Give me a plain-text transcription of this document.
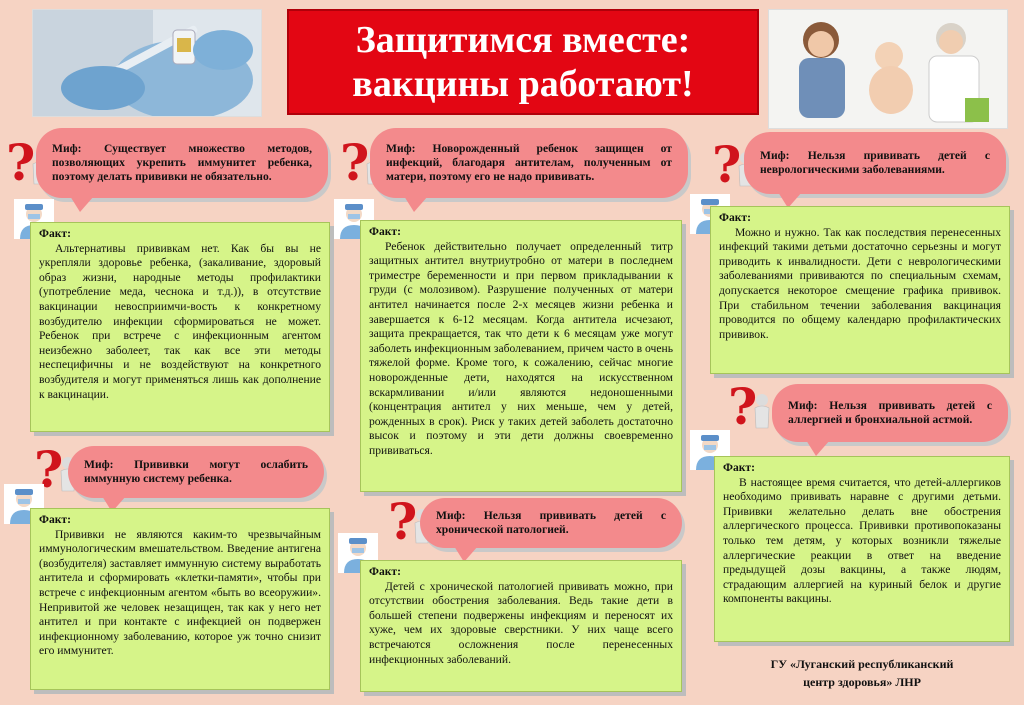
Защитимся вместе:
вакцины работают!
Миф: Существует множество методов, позволяющих укрепить иммунитет ребенка, поэтому делать прививки не обязательно.
Факт:
Альтернативы прививкам нет. Как бы вы не укрепляли здоровье ребенка, (закаливание, здоровый образ жизни, народные методы профилактики (употребление меда, чеснока и т.д.)), в отсутствие вакцинации невосприимчи-вость к конкретному возбудителю инфекции сформироваться не может. Ребенок при встрече с инфекционным агентом неизбежно заболеет, так как все эти методы неспецифичны и не воздействуют на конкретного возбудителя и могут применяться лишь как дополнение к вакцинации.
Миф: Прививки могут ослабить иммунную систему ребенка.
Факт:
Прививки не являются каким-то чрезвычайным иммунологическим вмешательством. Введение антигена (возбудителя) заставляет иммунную систему выработать антитела и сформировать «клетки-памяти», чтобы при встрече с инфекционным агентом «быть во всеоружии». Непривитой же человек незащищен, так как у него нет антител и при контакте с инфекцией он подвержен инфекционному заболеванию, которое уж точно снизит его иммунитет.
Миф: Новорожденный ребенок защищен от инфекций, благодаря антителам, полученным от матери, поэтому его не надо прививать.
Факт:
Ребенок действительно получает определенный титр защитных антител внутриутробно от матери в последнем триместре беременности и при первом прикладывании к груди (с молозивом). Разрушение полученных от матери антител начинается после 2-х месяцев жизни ребенка и завершается к 6-12 месяцам. Когда антитела исчезают, защита прекращается, так что дети к 6 месяцам уже могут заболеть инфекционным заболеванием, причем часто в очень тяжелой форме. Кроме того, к сожалению, сейчас многие новорожденные дети, находятся на искусственном вскармливании и/или являются недоношенными (концентрация антител у них меньше, чем у детей, рожденных в срок). Риск у таких детей заболеть достаточно высок и поэтому и эти дети должны своевременно прививаться.
Миф: Нельзя прививать детей с хронической патологией.
Факт:
Детей с хронической патологией прививать можно, при отсутствии обострения заболевания. Ведь такие дети в большей степени подвержены инфекциям и переносят их хуже, чем их здоровые сверстники. У них чаще всего встречаются осложнения после перенесенных инфекционных заболеваний.
Миф: Нельзя прививать детей с неврологическими заболеваниями.
Факт:
Можно и нужно. Так как последствия перенесенных инфекций такими детьми достаточно серьезны и могут приводить к инвалидности. Дети с неврологическими заболеваниями прививаются по специальным схемам, допускается некоторое смещение графика прививок. При стабильном течении заболевания вакцинация проводится по общему календарю профилактических прививок.
Миф: Нельзя прививать детей с аллергией и бронхиальной астмой.
Факт:
В настоящее время считается, что детей-аллергиков необходимо прививать наравне с другими детьми. Прививки желательно делать вне обострения аллергического процесса. Прививки противопоказаны только тем детям, у которых возникли тяжелые аллергические реакции в ответ на введение предыдущей дозы вакцины, а также людям, страдающим аллергией на куриный белок и другие компоненты вакцины.
ГУ «Луганский республиканский
центр здоровья» ЛНР
